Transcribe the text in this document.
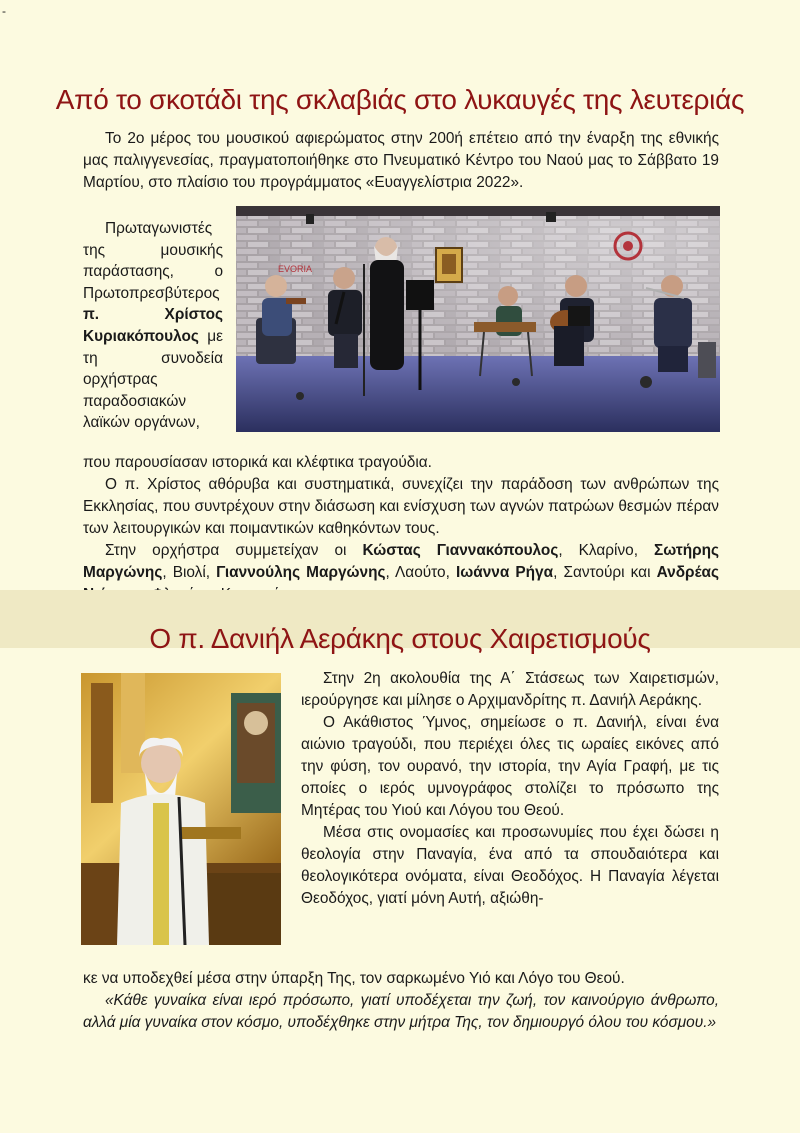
-
Από το σκοτάδι της σκλαβιάς στο λυκαυγές της λευτεριάς

Το 2ο μέρος του μουσικού αφιερώματος στην 200ή επέτειο από την έναρξη της εθνικής μας παλιγγενεσίας, πραγματοποιήθηκε στο Πνευματικό Κέντρο του Ναού μας το Σάββατο 19 Μαρτίου, στο πλαίσιο του προγράμματος «Ευαγγελίστρια 2022».

Πρωταγωνιστές της μουσικής παράστασης, ο Πρωτοπρεσβύτερος π. Χρίστος Κυριακόπουλος με τη συνοδεία ορχήστρας παραδοσιακών λαϊκών οργάνων,

EVORIA
που παρουσίασαν ιστορικά και κλέφτικα τραγούδια.

Ο π. Χρίστος αθόρυβα και συστηματικά, συνεχίζει την παράδοση των ανθρώπων της Εκκλησίας, που συντρέχουν στην διάσωση και ενίσχυση των αγνών πατρώων θεσμών πέραν των λειτουργικών και ποιμαντικών καθηκόντων τους.

Στην ορχήστρα συμμετείχαν οι Κώστας Γιαννακόπουλος, Κλαρίνο, Σωτήρης Μαργώνης, Βιολί, Γιαννούλης Μαργώνης, Λαούτο, Ιωάννα Ρήγα, Σαντούρι και Ανδρέας

Ο π. Δανιήλ Αεράκης στους Χαιρετισμούς

Στην 2η ακολουθία της Α΄ Στάσεως των Χαιρετισμών, ιερούργησε και μίλησε ο Αρχιμανδρίτης π. Δανιήλ Αεράκης.

Ο Ακάθιστος Ύμνος, σημείωσε ο π. Δανιήλ, είναι ένα αιώνιο τραγούδι, που περιέχει όλες τις ωραίες εικόνες από την φύση, τον ουρανό, την ιστορία, την Αγία Γραφή, με τις οποίες ο ιερός υμνογράφος στολίζει το πρόσωπο της Μητέρας του Υιού και Λόγου του Θεού.

Μέσα στις ονομασίες και προσωνυμίες που έχει δώσει η θεολογία στην Παναγία, ένα από τα σπουδαιότερα και θεολογικότερα ονόματα, είναι Θεοδόχος. Η Παναγία λέγεται Θεοδόχος, γιατί μόνη Αυτή, αξιώθη-

κε να υποδεχθεί μέσα στην ύπαρξη Της, τον σαρκωμένο Υιό και Λόγο του Θεού.

«Κάθε γυναίκα είναι ιερό πρόσωπο, γιατί υποδέχεται την ζωή, τον καινούργιο άνθρωπο, αλλά μία γυναίκα στον κόσμο, υποδέχθηκε στην μήτρα Της, τον δημιουργό όλου του κόσμου.»
